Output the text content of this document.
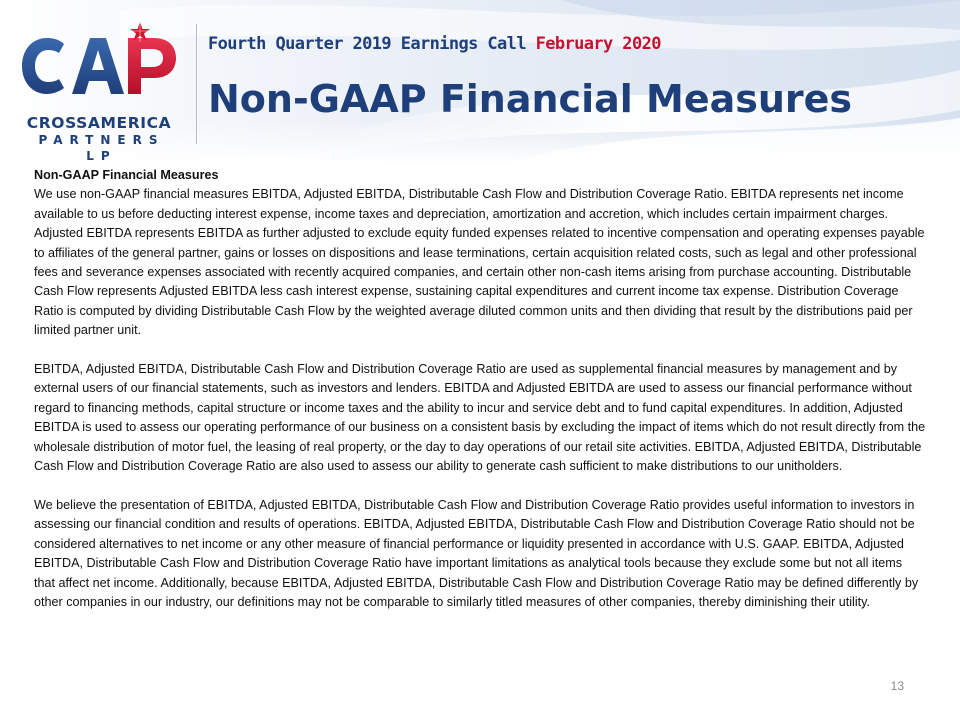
CROSSAMERICA
PARTNERS LP
Fourth Quarter 2019 Earnings Call February 2020
Non-GAAP Financial Measures
Non-GAAP Financial Measures

We use non-GAAP financial measures EBITDA, Adjusted EBITDA, Distributable Cash Flow and Distribution Coverage Ratio. EBITDA represents net income available to us before deducting interest expense, income taxes and depreciation, amortization and accretion, which includes certain impairment charges. Adjusted EBITDA represents EBITDA as further adjusted to exclude equity funded expenses related to incentive compensation and operating expenses payable to affiliates of the general partner, gains or losses on dispositions and lease terminations, certain acquisition related costs, such as legal and other professional fees and severance expenses associated with recently acquired companies, and certain other non-cash items arising from purchase accounting. Distributable Cash Flow represents Adjusted EBITDA less cash interest expense, sustaining capital expenditures and current income tax expense. Distribution Coverage Ratio is computed by dividing Distributable Cash Flow by the weighted average diluted common units and then dividing that result by the distributions paid per limited partner unit.

EBITDA, Adjusted EBITDA, Distributable Cash Flow and Distribution Coverage Ratio are used as supplemental financial measures by management and by external users of our financial statements, such as investors and lenders. EBITDA and Adjusted EBITDA are used to assess our financial performance without regard to financing methods, capital structure or income taxes and the ability to incur and service debt and to fund capital expenditures. In addition, Adjusted EBITDA is used to assess our operating performance of our business on a consistent basis by excluding the impact of items which do not result directly from the wholesale distribution of motor fuel, the leasing of real property, or the day to day operations of our retail site activities. EBITDA, Adjusted EBITDA, Distributable Cash Flow and Distribution Coverage Ratio are also used to assess our ability to generate cash sufficient to make distributions to our unitholders.

We believe the presentation of EBITDA, Adjusted EBITDA, Distributable Cash Flow and Distribution Coverage Ratio provides useful information to investors in assessing our financial condition and results of operations. EBITDA, Adjusted EBITDA, Distributable Cash Flow and Distribution Coverage Ratio should not be considered alternatives to net income or any other measure of financial performance or liquidity presented in accordance with U.S. GAAP. EBITDA, Adjusted EBITDA, Distributable Cash Flow and Distribution Coverage Ratio have important limitations as analytical tools because they exclude some but not all items that affect net income. Additionally, because EBITDA, Adjusted EBITDA, Distributable Cash Flow and Distribution Coverage Ratio may be defined differently by other companies in our industry, our definitions may not be comparable to similarly titled measures of other companies, thereby diminishing their utility.

13
